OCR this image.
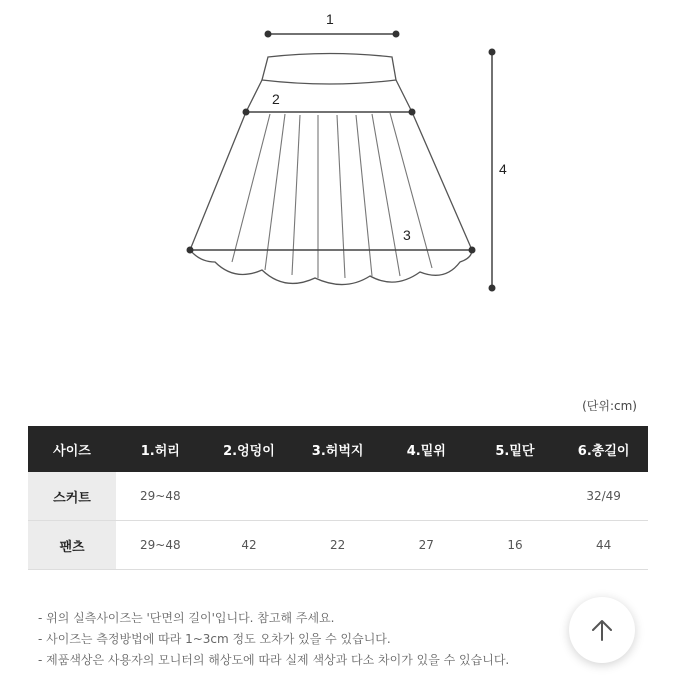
1
2
3
4
(단위:cm)
사이즈	1.허리	2.엉덩이	3.허벅지	4.밑위	5.밑단	6.총길이
스커트	29~48					32/49
팬츠	29~48	42	22	27	16	44
- 위의 실측사이즈는 '단면의 길이'입니다. 참고해 주세요.
- 사이즈는 측정방법에 따라 1~3cm 정도 오차가 있을 수 있습니다.
- 제품색상은 사용자의 모니터의 해상도에 따라 실제 색상과 다소 차이가 있을 수 있습니다.
